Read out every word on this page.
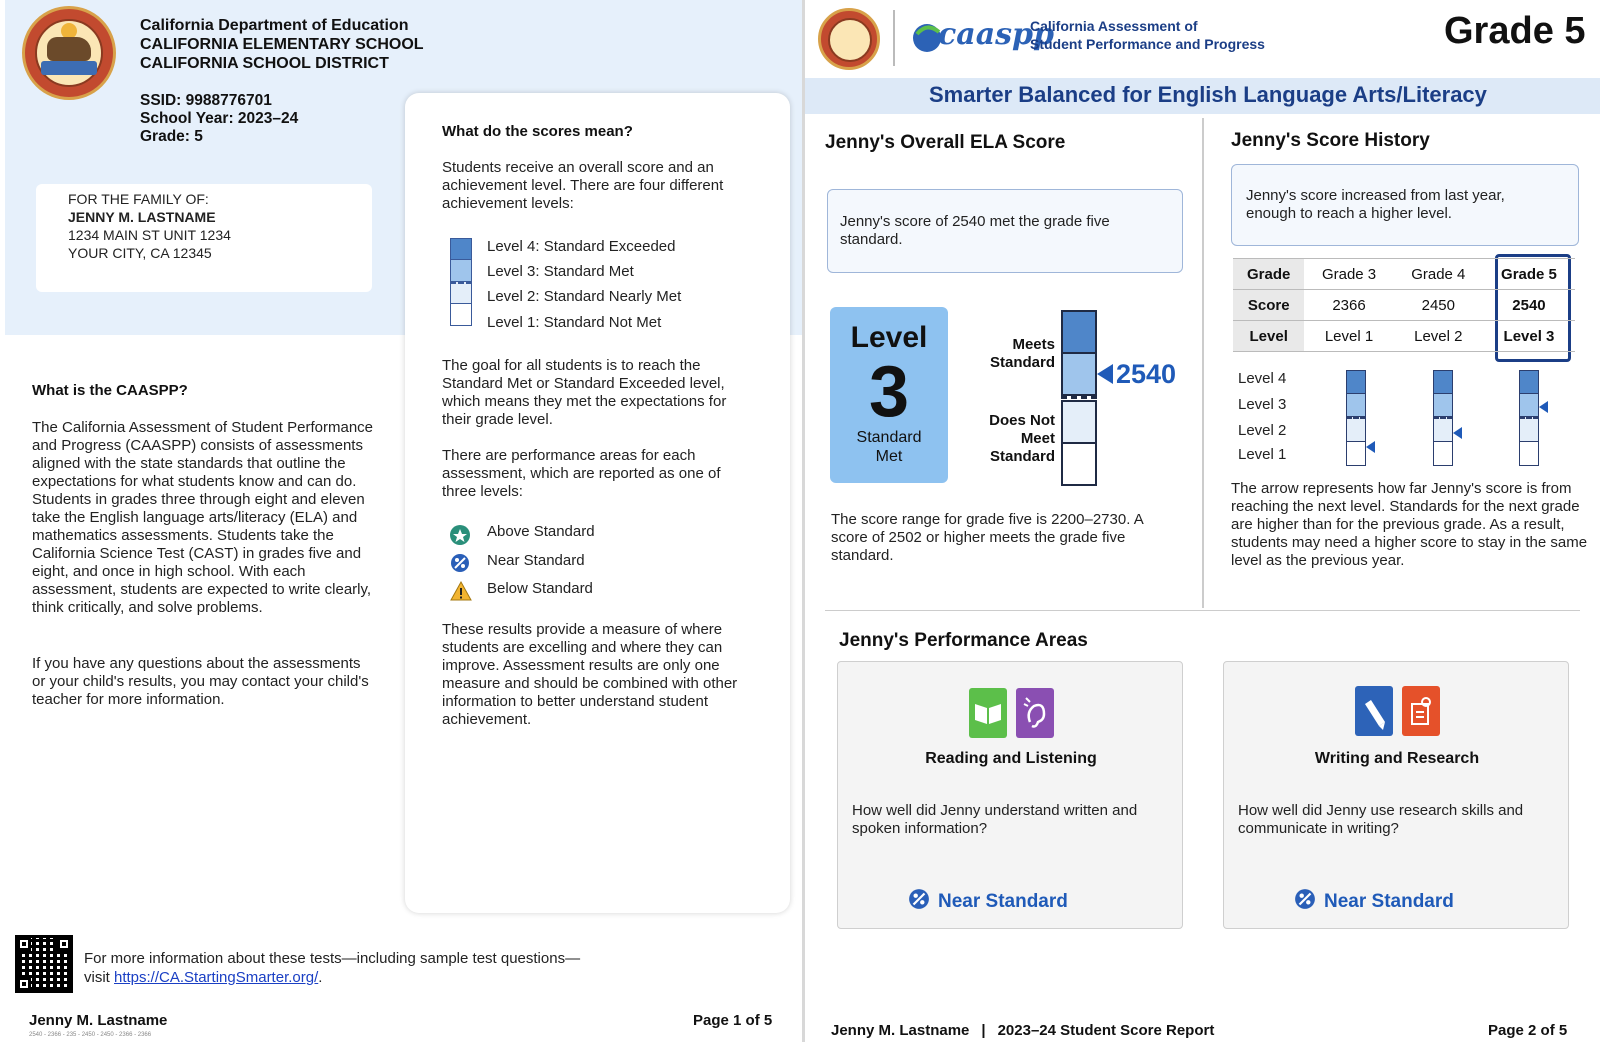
California Department of Education
CALIFORNIA ELEMENTARY SCHOOL
CALIFORNIA SCHOOL DISTRICT
SSID: 9988776701
School Year: 2023–24
Grade: 5
FOR THE FAMILY OF:
JENNY M. LASTNAME
1234 MAIN ST UNIT 1234
YOUR CITY, CA 12345
What is the CAASPP?
The California Assessment of Student Performance and Progress (CAASPP) consists of assessments aligned with the state standards that outline the expectations for what students know and can do. Students in grades three through eight and eleven take the English language arts/literacy (ELA) and mathematics assessments. Students take the California Science Test (CAST) in grades five and eight, and once in high school. With each assessment, students are expected to write clearly, think critically, and solve problems.
If you have any questions about the assessments or your child's results, you may contact your child's teacher for more information.
What do the scores mean?
Students receive an overall score and an achievement level. There are four different achievement levels:
Level 4: Standard Exceeded
Level 3: Standard Met
Level 2: Standard Nearly Met
Level 1: Standard Not Met
The goal for all students is to reach the Standard Met or Standard Exceeded level, which means they met the expectations for their grade level.
There are performance areas for each assessment, which are reported as one of three levels:
Above Standard
Near Standard
Below Standard
These results provide a measure of where students are excelling and where they can improve. Assessment results are only one measure and should be combined with other information to better understand student achievement.
For more information about these tests—including sample test questions—
visit https://CA.StartingSmarter.org/.
Jenny M. Lastname	Page 1 of 5
2540 - 2366 - 235 - 2450 - 2450 - 2366 - 2366
caaspp
California Assessment of
Student Performance and Progress	Grade 5
Smarter Balanced for English Language Arts/Literacy
Jenny's Overall ELA Score
Jenny's score of 2540 met the grade five standard.
Level
3
Standard
Met
Meets
Standard
Does Not
Meet
Standard
2540
The score range for grade five is 2200–2730. A score of 2502 or higher meets the grade five standard.
Jenny's Score History
Jenny's score increased from last year, enough to reach a higher level.
Grade	Grade 3	Grade 4	Grade 5
Score	2366	2450	2540
Level	Level 1	Level 2	Level 3
Level 4
Level 3
Level 2
Level 1
The arrow represents how far Jenny's score is from reaching the next level. Standards for the next grade are higher than for the previous grade. As a result, students may need a higher score to stay in the same level as the previous year.
Jenny's Performance Areas
Reading and Listening
How well did Jenny understand written and spoken information?
Near Standard
Writing and Research
How well did Jenny use research skills and communicate in writing?
Near Standard
Jenny M. Lastname | 2023–24 Student Score Report	Page 2 of 5
